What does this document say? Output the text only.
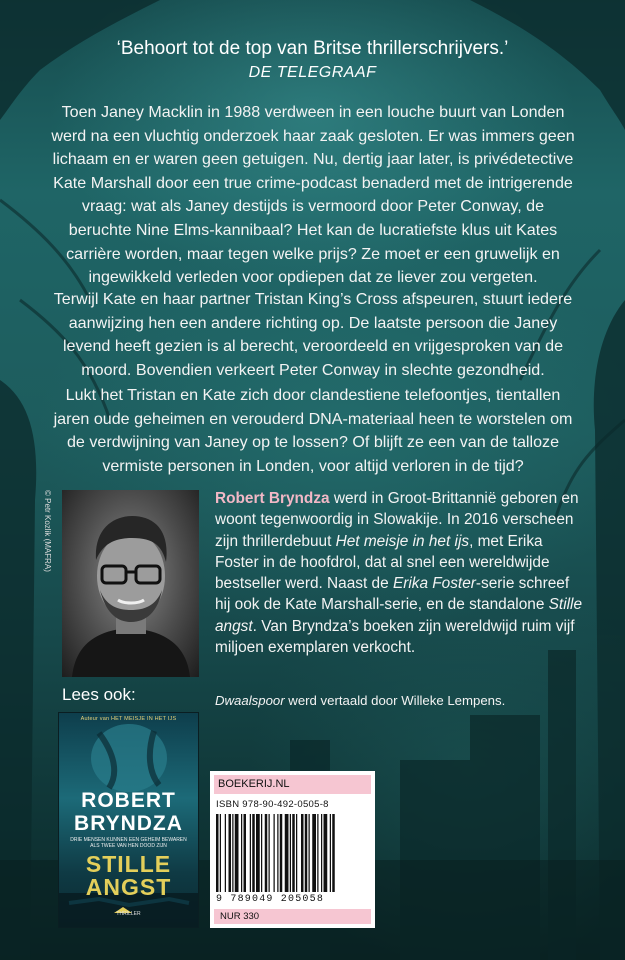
‘Behoort tot de top van Britse thrillerschrijvers.’
DE TELEGRAAF

Toen Janey Macklin in 1988 verdween in een louche buurt van Londen
werd na een vluchtig onderzoek haar zaak gesloten. Er was immers geen
lichaam en er waren geen getuigen. Nu, dertig jaar later, is privédetective
Kate Marshall door een true crime-podcast benaderd met de intrigerende
vraag: wat als Janey destijds is vermoord door Peter Conway, de
beruchte Nine Elms-kannibaal? Het kan de lucratiefste klus uit Kates
carrière worden, maar tegen welke prijs? Ze moet er een gruwelijk en
ingewikkeld verleden voor opdiepen dat ze liever zou vergeten.

Terwijl Kate en haar partner Tristan King’s Cross afspeuren, stuurt iedere
aanwijzing hen een andere richting op. De laatste persoon die Janey
levend heeft gezien is al berecht, veroordeeld en vrijgesproken van de
moord. Bovendien verkeert Peter Conway in slechte gezondheid.

Lukt het Tristan en Kate zich door clandestiene telefoontjes, tientallen
jaren oude geheimen en verouderd DNA-materiaal heen te worstelen om
de verdwijning van Janey op te lossen? Of blijft ze een van de talloze
vermiste personen in Londen, voor altijd verloren in de tijd?

© Petr Kozlik (MAFRA)	Robert Bryndza werd in Groot-Brittannië geboren en woont tegenwoordig in Slowakije. In 2016 verscheen zijn thrillerdebuut Het meisje in het ijs, met Erika Foster in de hoofdrol, dat al snel een wereldwijde bestseller werd. Naast de Erika Foster-serie schreef hij ook de Kate Marshall-serie, en de standalone Stille angst. Van Bryndza’s boeken zijn wereldwijd ruim vijf miljoen exemplaren verkocht.

Dwaalspoor werd vertaald door Willeke Lempens.

Lees ook:
Auteur van HET MEISJE IN HET IJS
ROBERT
BRYNDZA
DRIE MENSEN KUNNEN EEN GEHEIM BEWAREN ALS TWEE VAN HEN DOOD ZIJN
STILLE
ANGST
THRILLER
BOEKERIJ.NL
ISBN 978-90-492-0505-8
9 789049 205058
NUR 330
